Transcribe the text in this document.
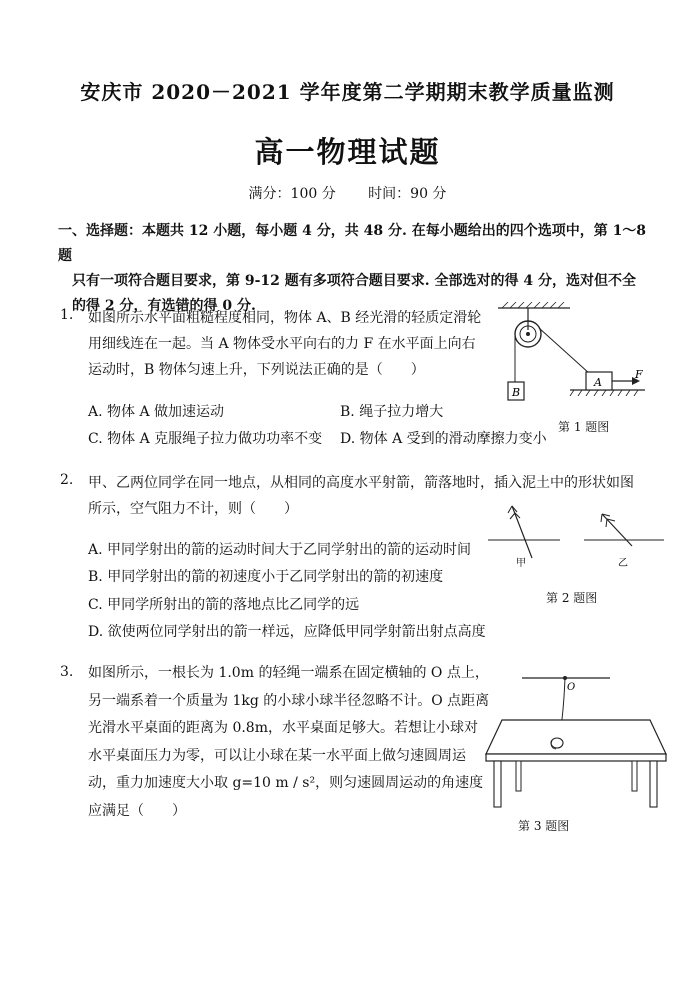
安庆市 2020－2021 学年度第二学期期末教学质量监测
高一物理试题
满分：100 分 时间：90 分
一、选择题：本题共 12 小题，每小题 4 分，共 48 分. 在每小题给出的四个选项中，第 1～8 题
只有一项符合题目要求，第 9-12 题有多项符合题目要求. 全部选对的得 4 分，选对但不全
的得 2 分，有选错的得 0 分.
1. 如图所示水平面粗糙程度相同，物体 A、B 经光滑的轻质定滑轮
用细线连在一起。当 A 物体受水平向右的力 F 在水平面上向右
运动时，B 物体匀速上升，下列说法正确的是（　　）
A. 物体 A 做加速运动	B. 绳子拉力增大
C. 物体 A 克服绳子拉力做功功率不变 D. 物体 A 受到的滑动摩擦力变小
B
A
F
第 1 题图
2. 甲、乙两位同学在同一地点，从相同的高度水平射箭，箭落地时，插入泥土中的形状如图
所示，空气阻力不计，则（　　）
A. 甲同学射出的箭的运动时间大于乙同学射出的箭的运动时间
B. 甲同学射出的箭的初速度小于乙同学射出的箭的初速度
C. 甲同学所射出的箭的落地点比乙同学的远
D. 欲使两位同学射出的箭一样远，应降低甲同学射箭出射点高度
甲	乙
第 2 题图
3. 如图所示，一根长为 1.0m 的轻绳一端系在固定横轴的 O 点上，
另一端系着一个质量为 1kg 的小球小球半径忽略不计。O 点距离
光滑水平桌面的距离为 0.8m，水平桌面足够大。若想让小球对
水平桌面压力为零，可以让小球在某一水平面上做匀速圆周运
动，重力加速度大小取 g=10 m / s²，则匀速圆周运动的角速度
应满足（　　）
O
第 3 题图
